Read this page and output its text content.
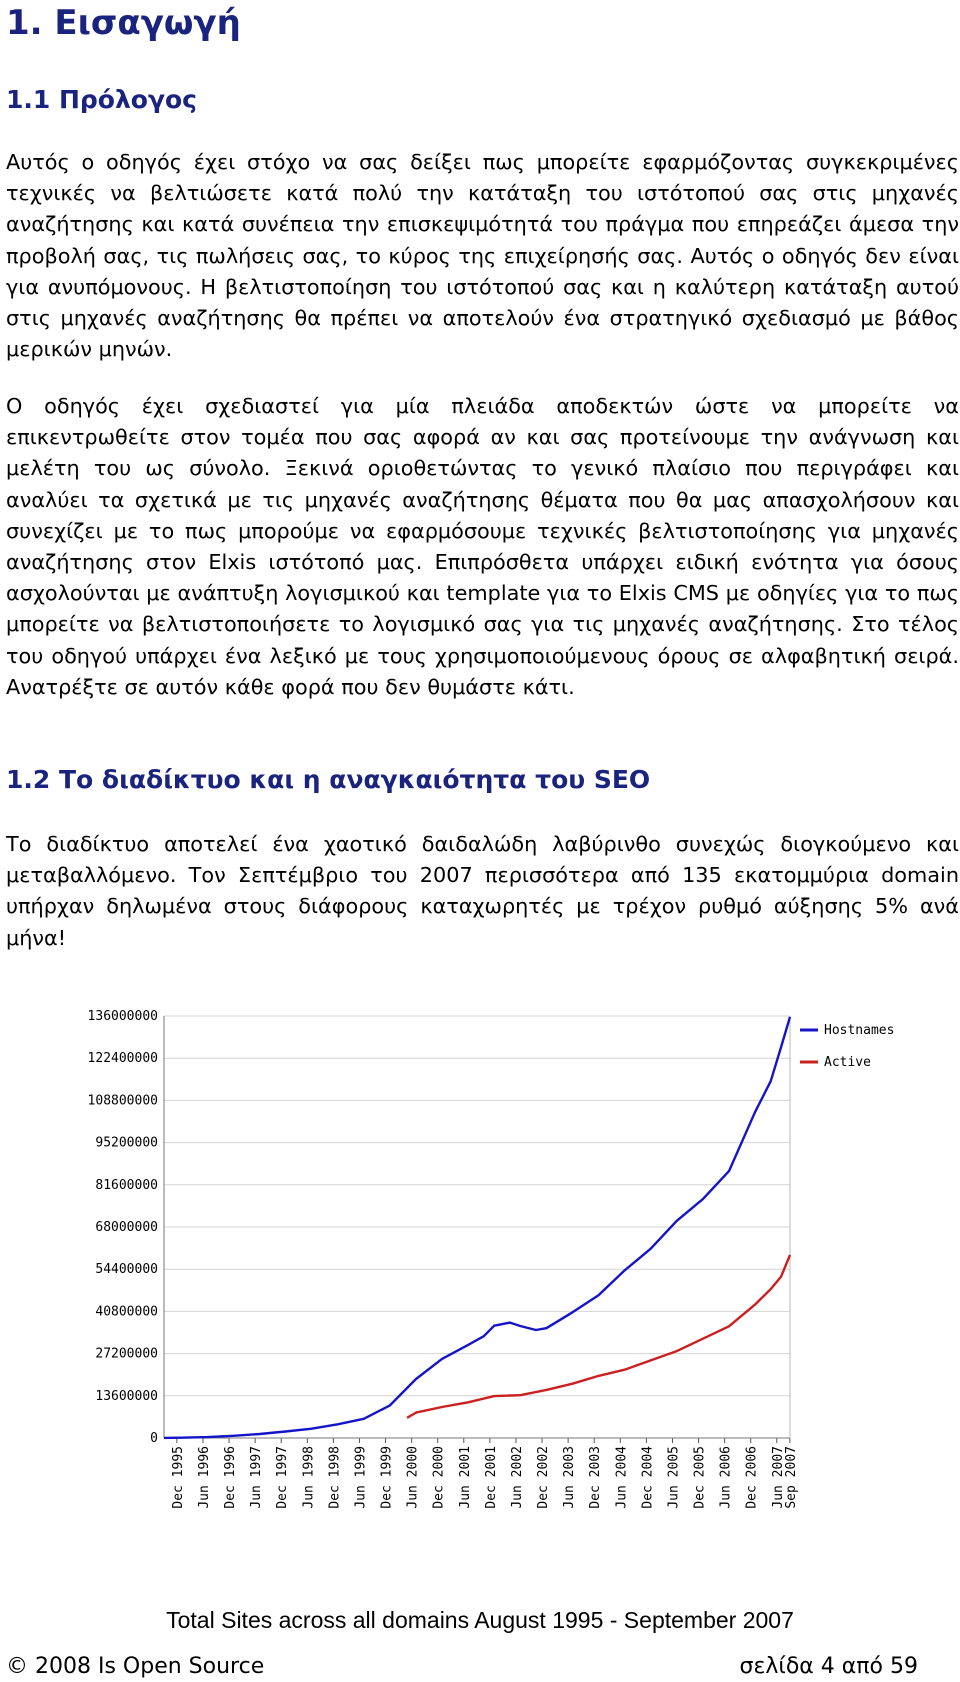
1. Εισαγωγή
1.1 Πρόλογος
Αυτός ο οδηγός έχει στόχο να σας δείξει πως μπορείτε εφαρμόζοντας συγκεκριμένες τεχνικές να βελτιώσετε κατά πολύ την κατάταξη του ιστότοπού σας στις μηχανές αναζήτησης και κατά συνέπεια την επισκεψιμότητά του πράγμα που επηρεάζει άμεσα την προβολή σας, τις πωλήσεις σας, το κύρος της επιχείρησής σας. Αυτός ο οδηγός δεν είναι για ανυπόμονους. Η βελτιστοποίηση του ιστότοπού σας και η καλύτερη κατάταξη αυτού στις μηχανές αναζήτησης θα πρέπει να αποτελούν ένα στρατηγικό σχεδιασμό με βάθος μερικών μηνών.
Ο οδηγός έχει σχεδιαστεί για μία πλειάδα αποδεκτών ώστε να μπορείτε να επικεντρωθείτε στον τομέα που σας αφορά αν και σας προτείνουμε την ανάγνωση και μελέτη του ως σύνολο. Ξεκινά οριοθετώντας το γενικό πλαίσιο που περιγράφει και αναλύει τα σχετικά με τις μηχανές αναζήτησης θέματα που θα μας απασχολήσουν και συνεχίζει με το πως μπορούμε να εφαρμόσουμε τεχνικές βελτιστοποίησης για μηχανές αναζήτησης στον Elxis ιστότοπό μας. Επιπρόσθετα υπάρχει ειδική ενότητα για όσους ασχολούνται με ανάπτυξη λογισμικού και template για το Elxis CMS με οδηγίες για το πως μπορείτε να βελτιστοποιήσετε το λογισμικό σας για τις μηχανές αναζήτησης. Στο τέλος του οδηγού υπάρχει ένα λεξικό με τους χρησιμοποιούμενους όρους σε αλφαβητική σειρά. Ανατρέξτε σε αυτόν κάθε φορά που δεν θυμάστε κάτι.
1.2 Το διαδίκτυο και η αναγκαιότητα του SEO
Το διαδίκτυο αποτελεί ένα χαοτικό δαιδαλώδη λαβύρινθο συνεχώς διογκούμενο και μεταβαλλόμενο. Τον Σεπτέμβριο του 2007 περισσότερα από 135 εκατομμύρια domain υπήρχαν δηλωμένα στους διάφορους καταχωρητές με τρέχον ρυθμό αύξησης 5% ανά μήνα!
0
13600000
27200000
40800000
54400000
68000000
81600000
95200000
108800000
122400000
136000000
Dec 1995 Jun 1996 Dec 1996 Jun 1997 Dec 1997 Jun 1998 Dec 1998 Jun 1999 Dec 1999 Jun 2000 Dec 2000 Jun 2001 Dec 2001 Jun 2002 Dec 2002 Jun 2003 Dec 2003 Jun 2004 Dec 2004 Jun 2005 Dec 2005 Jun 2006 Dec 2006 Jun 2007
Sep 2007
Hostnames
Active
Total Sites across all domains August 1995 - September 2007
© 2008 Is Open Source	σελίδα 4 από 59
